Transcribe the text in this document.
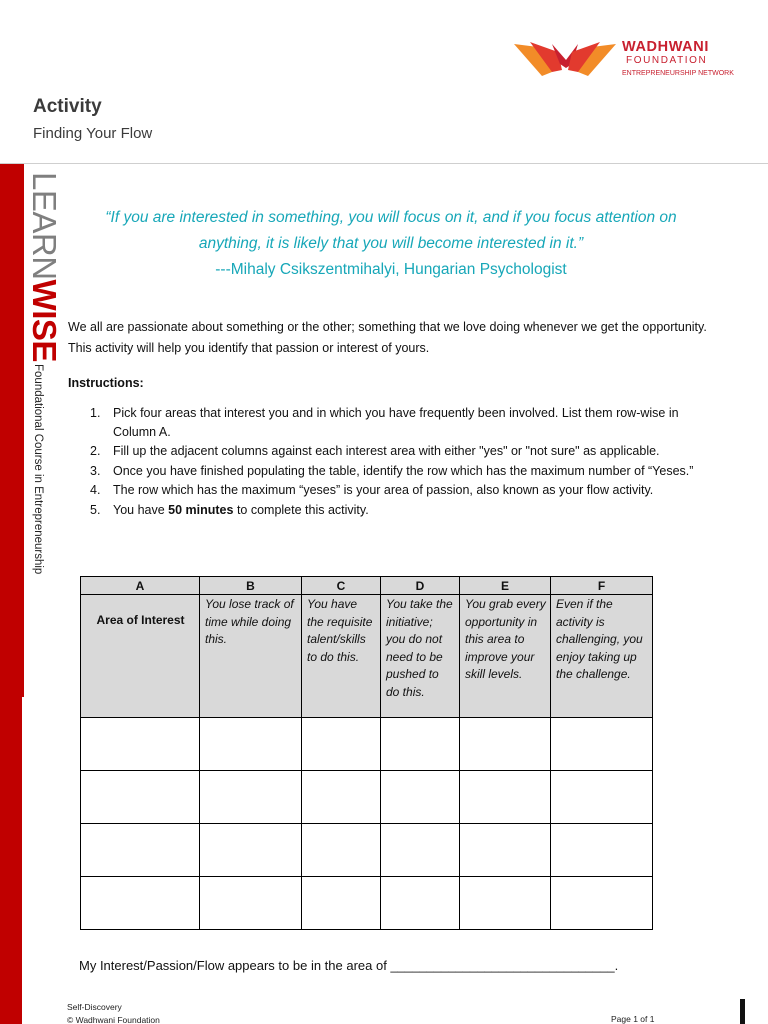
WADHWANI
FOUNDATION
ENTREPRENEURSHIP NETWORK
Activity
Finding Your Flow
LEARNWISE
Foundational Course in Entrepreneurship
“If you are interested in something, you will focus on it, and if you focus attention on anything, it is likely that you will become interested in it.”
---Mihaly Csikszentmihalyi, Hungarian Psychologist

We all are passionate about something or the other; something that we love doing whenever we get the opportunity. This activity will help you identify that passion or interest of yours.

Instructions:
1. Pick four areas that interest you and in which you have frequently been involved. List them row-wise in Column A.
2. Fill up the adjacent columns against each interest area with either "yes" or "not sure" as applicable.
3. Once you have finished populating the table, identify the row which has the maximum number of “Yeses.”
4. The row which has the maximum “yeses” is your area of passion, also known as your flow activity.
5. You have 50 minutes to complete this activity.
A	B	C	D	E	F
Area of Interest	You lose track of time while doing this.	You have the requisite talent/skills to do this.	You take the initiative; you do not need to be pushed to do this.	You grab every opportunity in this area to improve your skill levels.	Even if the activity is challenging, you enjoy taking up the challenge.

My Interest/Passion/Flow appears to be in the area of _______________________________.
Self-Discovery
© Wadhwani Foundation	Page 1 of 1
